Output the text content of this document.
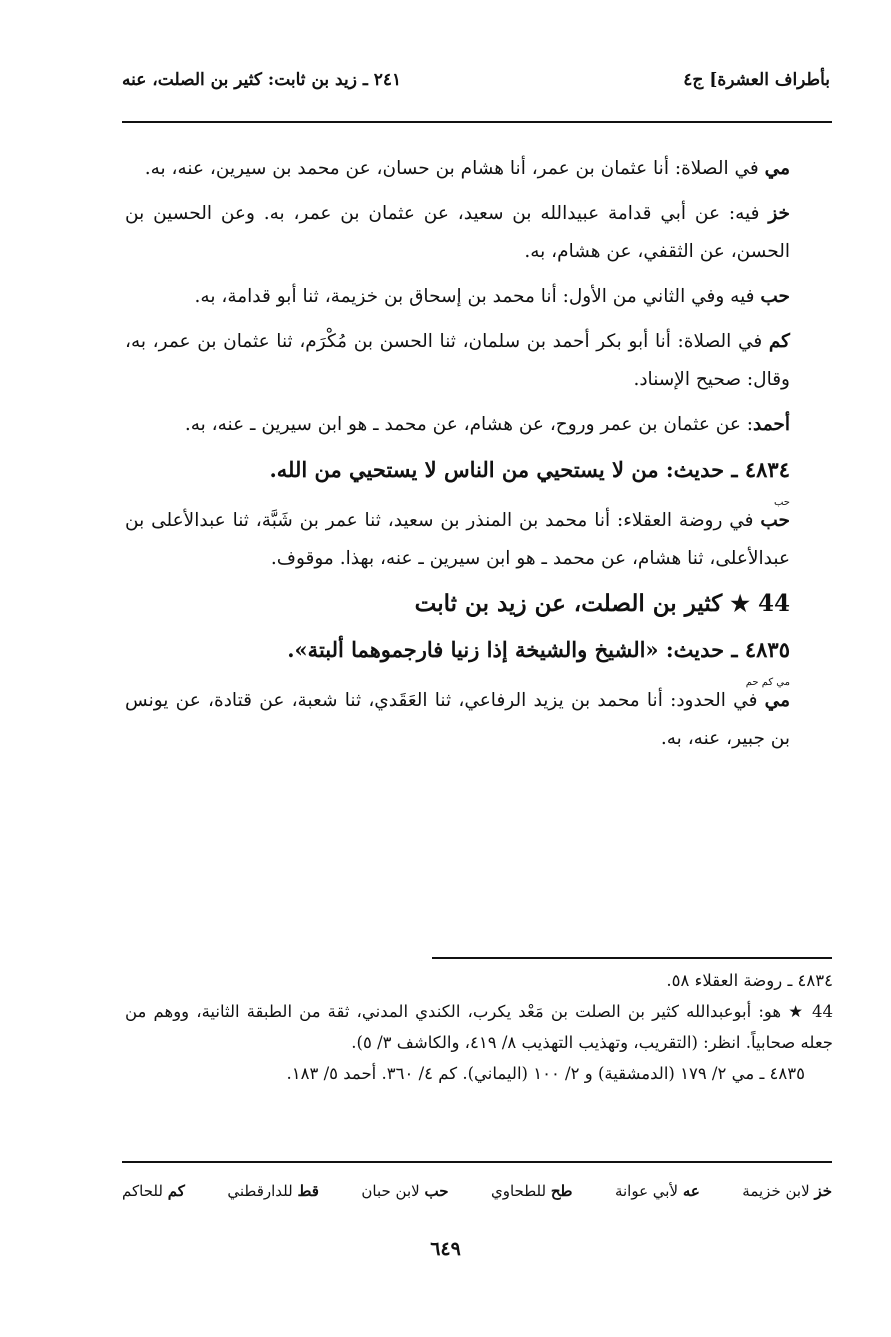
بأطراف العشرة] ج٤
٢٤١ ـ زيد بن ثابت: كثير بن الصلت، عنه

مي في الصلاة: أنا عثمان بن عمر، أنا هشام بن حسان، عن محمد بن سيرين، عنه، به.

خز فيه: عن أبي قدامة عبيدالله بن سعيد، عن عثمان بن عمر، به. وعن الحسين بن الحسن، عن الثقفي، عن هشام، به.

حب فيه وفي الثاني من الأول: أنا محمد بن إسحاق بن خزيمة، ثنا أبو قدامة، به.

كم في الصلاة: أنا أبو بكر أحمد بن سلمان، ثنا الحسن بن مُكْرَم، ثنا عثمان بن عمر، به، وقال: صحيح الإسناد.

أحمد: عن عثمان بن عمر وروح، عن هشام، عن محمد ـ هو ابن سيرين ـ عنه، به.

٤٨٣٤ ـ حديث: من لا يستحيي من الناس لا يستحيي من الله.

حب

حب في روضة العقلاء: أنا محمد بن المنذر بن سعيد، ثنا عمر بن شَبَّة، ثنا عبدالأعلى بن عبدالأعلى، ثنا هشام، عن محمد ـ هو ابن سيرين ـ عنه، بهذا. موقوف.

44 ★ كثير بن الصلت، عن زيد بن ثابت

٤٨٣٥ ـ حديث: «الشيخ والشيخة إذا زنيا فارجموهما ألبتة».

مي كم حم

مي في الحدود: أنا محمد بن يزيد الرفاعي، ثنا العَقَدي، ثنا شعبة، عن قتادة، عن يونس بن جبير، عنه، به.

٤٨٣٤ ـ روضة العقلاء ٥٨.

44 ★ هو: أبوعبدالله كثير بن الصلت بن مَعْد يكرب، الكندي المدني، ثقة من الطبقة الثانية، ووهم من جعله صحابياً. انظر: (التقريب، وتهذيب التهذيب ٨/ ٤١٩، والكاشف ٣/ ٥).

٤٨٣٥ ـ مي ٢/ ١٧٩ (الدمشقية) و ٢/ ١٠٠ (اليماني). كم ٤/ ٣٦٠. أحمد ٥/ ١٨٣.

خز لابن خزيمة
عه لأبي عوانة
طح للطحاوي
حب لابن حبان
قط للدارقطني
كم للحاكم
٦٤٩
